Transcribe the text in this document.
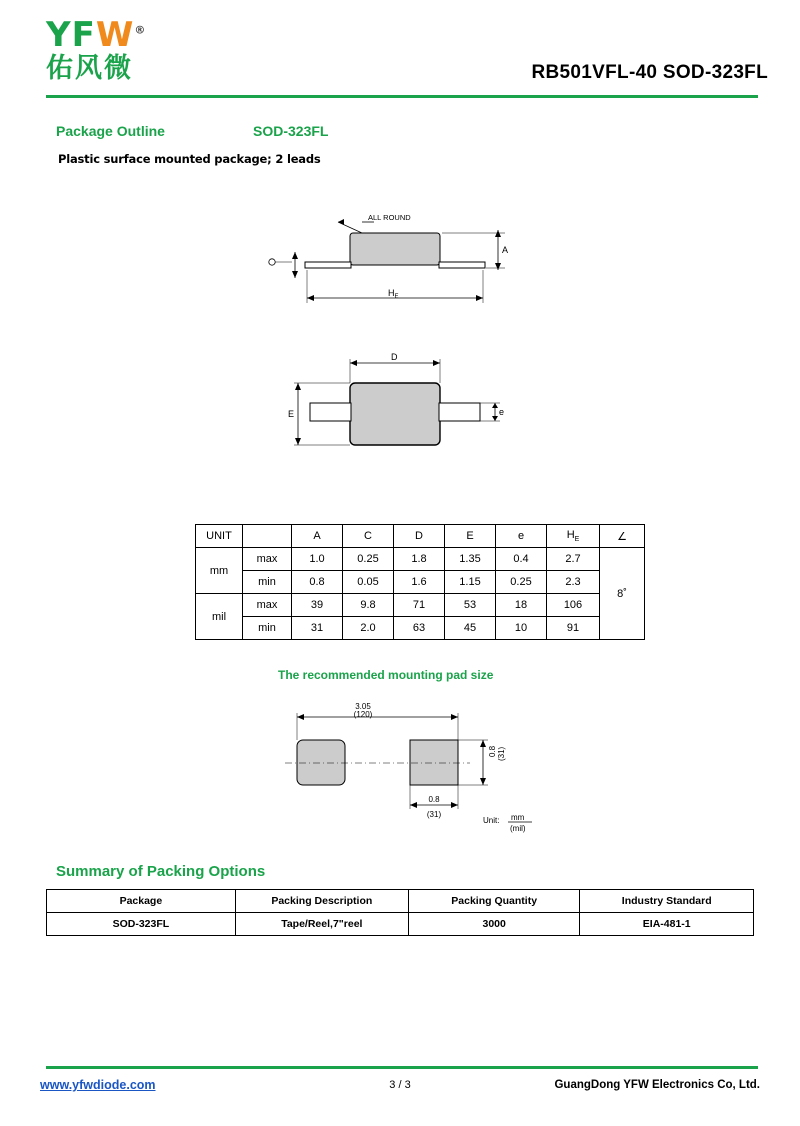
YFW®
佑风微	RB501VFL-40 SOD-323FL
Package Outline	SOD-323FL
Plastic surface mounted package; 2 leads
ALL ROUND
A
$H_E$
D
E	e
UNIT		A	C	D	E	e	$H_E$	∠
mm	max	1.0	0.25	1.8	1.35	0.4	2.7	8˚
	min	0.8	0.05	1.6	1.15	0.25	2.3	
mil	max	39	9.8	71	53	18	106	
	min	31	2.0	63	45	10	91	
The recommended mounting pad size
3.05
(120)
0.8 (31)
0.8
(31)
Unit: mm
(mil)
Summary of Packing Options
Package	Packing Description	Packing Quantity	Industry Standard
SOD-323FL	Tape/Reel,7"reel	3000	EIA-481-1
www.yfwdiode.com	3 / 3	GuangDong YFW Electronics Co, Ltd.
